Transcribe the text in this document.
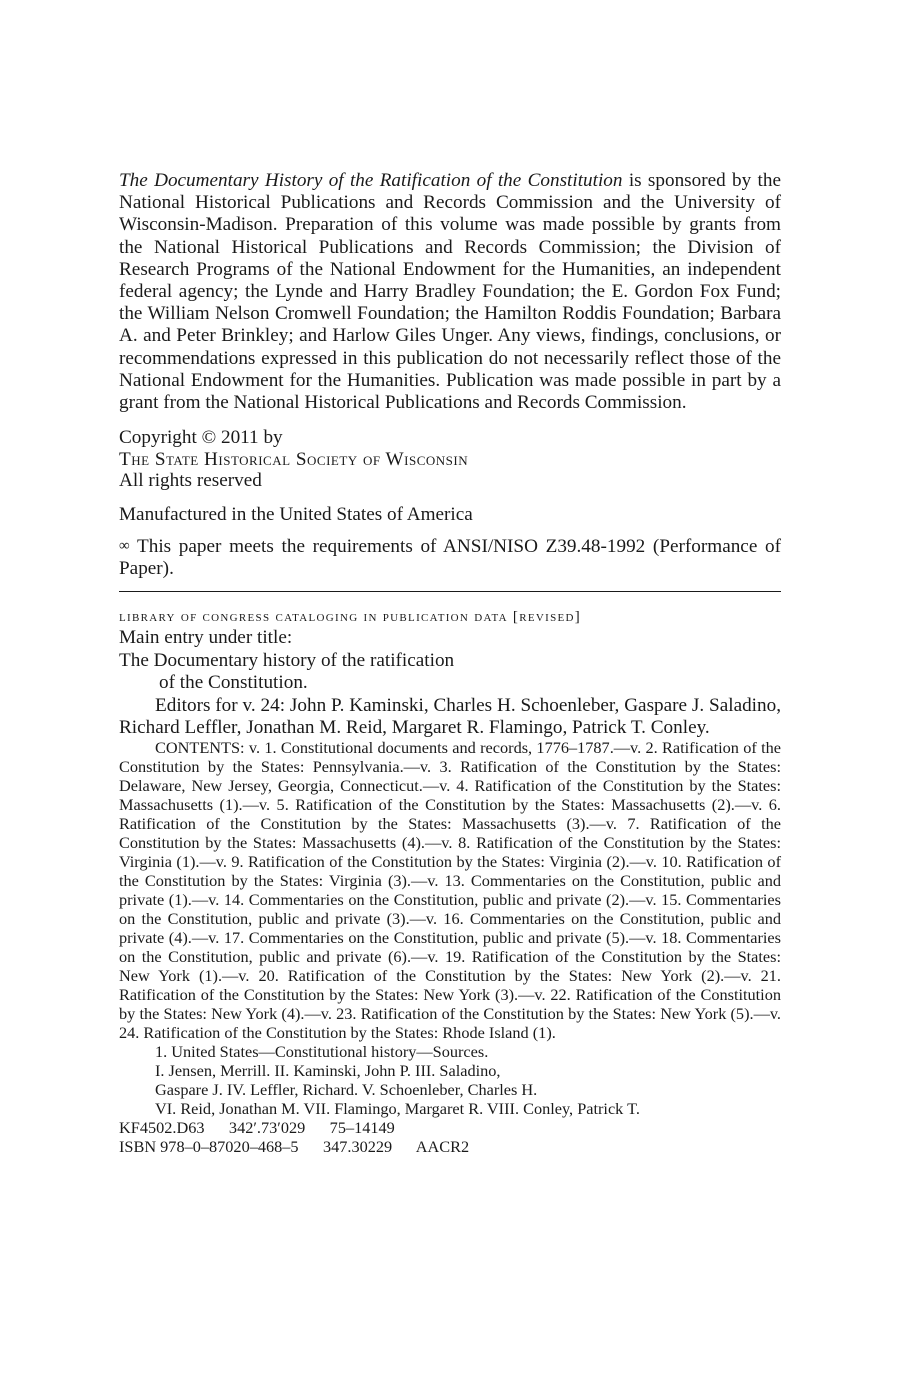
The Documentary History of the Ratification of the Constitution is sponsored by the National Historical Publications and Records Commission and the University of Wisconsin-Madison. Preparation of this volume was made possible by grants from the National Historical Publications and Records Commission; the Division of Research Programs of the National Endowment for the Humanities, an independent federal agency; the Lynde and Harry Bradley Foundation; the E. Gordon Fox Fund; the William Nelson Cromwell Foundation; the Hamilton Roddis Foundation; Barbara A. and Peter Brinkley; and Harlow Giles Unger. Any views, findings, conclusions, or recommendations expressed in this publication do not necessarily reflect those of the National Endowment for the Humanities. Publication was made possible in part by a grant from the National Historical Publications and Records Commission.

Copyright © 2011 by
The State Historical Society of Wisconsin
All rights reserved
Manufactured in the United States of America
∞ This paper meets the requirements of ANSI/NISO Z39.48-1992 (Performance of Paper).
library of congress cataloging in publication data [revised]

Main entry under title:

The Documentary history of the ratification

of the Constitution.

Editors for v. 24: John P. Kaminski, Charles H. Schoenleber, Gaspare J. Saladino, Richard Leffler, Jonathan M. Reid, Margaret R. Flamingo, Patrick T. Conley.

CONTENTS: v. 1. Constitutional documents and records, 1776–1787.—v. 2. Ratification of the Constitution by the States: Pennsylvania.—v. 3. Ratification of the Constitution by the States: Delaware, New Jersey, Georgia, Connecticut.—v. 4. Ratification of the Constitution by the States: Massachusetts (1).—v. 5. Ratification of the Constitution by the States: Massachusetts (2).—v. 6. Ratification of the Constitution by the States: Massachusetts (3).—v. 7. Ratification of the Constitution by the States: Massachusetts (4).—v. 8. Ratification of the Constitution by the States: Virginia (1).—v. 9. Ratification of the Constitution by the States: Virginia (2).—v. 10. Ratification of the Constitution by the States: Virginia (3).—v. 13. Commentaries on the Constitution, public and private (1).—v. 14. Commentaries on the Constitution, public and private (2).—v. 15. Commentaries on the Constitution, public and private (3).—v. 16. Commentaries on the Constitution, public and private (4).—v. 17. Commentaries on the Constitution, public and private (5).—v. 18. Commentaries on the Constitution, public and private (6).—v. 19. Ratification of the Constitution by the States: New York (1).—v. 20. Ratification of the Constitution by the States: New York (2).—v. 21. Ratification of the Constitution by the States: New York (3).—v. 22. Ratification of the Constitution by the States: New York (4).—v. 23. Ratification of the Constitution by the States: New York (5).—v. 24. Ratification of the Constitution by the States: Rhode Island (1).

1. United States—Constitutional history—Sources.

I. Jensen, Merrill. II. Kaminski, John P. III. Saladino,

Gaspare J. IV. Leffler, Richard. V. Schoenleber, Charles H.

VI. Reid, Jonathan M. VII. Flamingo, Margaret R. VIII. Conley, Patrick T.

KF4502.D63 342′.73′029 75–14149
ISBN 978–0–87020–468–5 347.30229 AACR2
